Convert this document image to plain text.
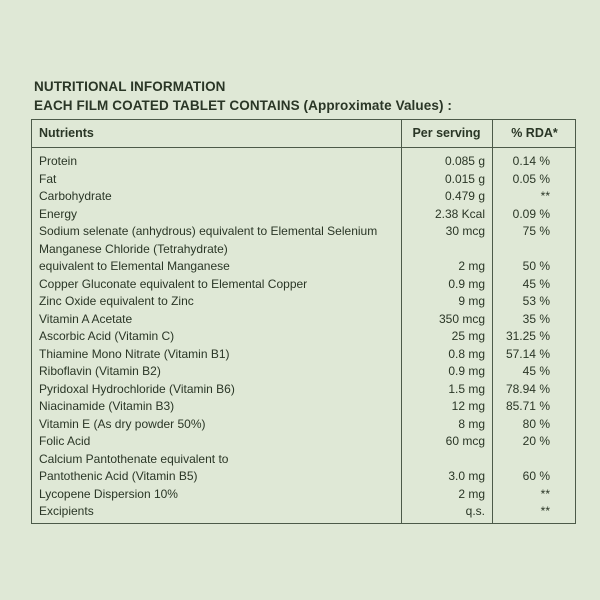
NUTRITIONAL INFORMATION
EACH FILM COATED TABLET CONTAINS (Approximate Values) :
Nutrients	Per serving	% RDA*
Protein	0.085 g	0.14 %
Fat	0.015 g	0.05 %
Carbohydrate	0.479 g	**
Energy	2.38 Kcal	0.09 %
Sodium selenate (anhydrous) equivalent to Elemental Selenium	30 mcg	75 %
Manganese Chloride (Tetrahydrate)
equivalent to Elemental Manganese	2 mg	50 %
Copper Gluconate equivalent to Elemental Copper	0.9 mg	45 %
Zinc Oxide equivalent to Zinc	9 mg	53 %
Vitamin A Acetate	350 mcg	35 %
Ascorbic Acid (Vitamin C)	25 mg	31.25 %
Thiamine Mono Nitrate (Vitamin B1)	0.8 mg	57.14 %
Riboflavin (Vitamin B2)	0.9 mg	45 %
Pyridoxal Hydrochloride (Vitamin B6)	1.5 mg	78.94 %
Niacinamide (Vitamin B3)	12 mg	85.71 %
Vitamin E (As dry powder 50%)	8 mg	80 %
Folic Acid	60 mcg	20 %
Calcium Pantothenate equivalent to
Pantothenic Acid (Vitamin B5)	3.0 mg	60 %
Lycopene Dispersion 10%	2 mg	**
Excipients	q.s.	**
